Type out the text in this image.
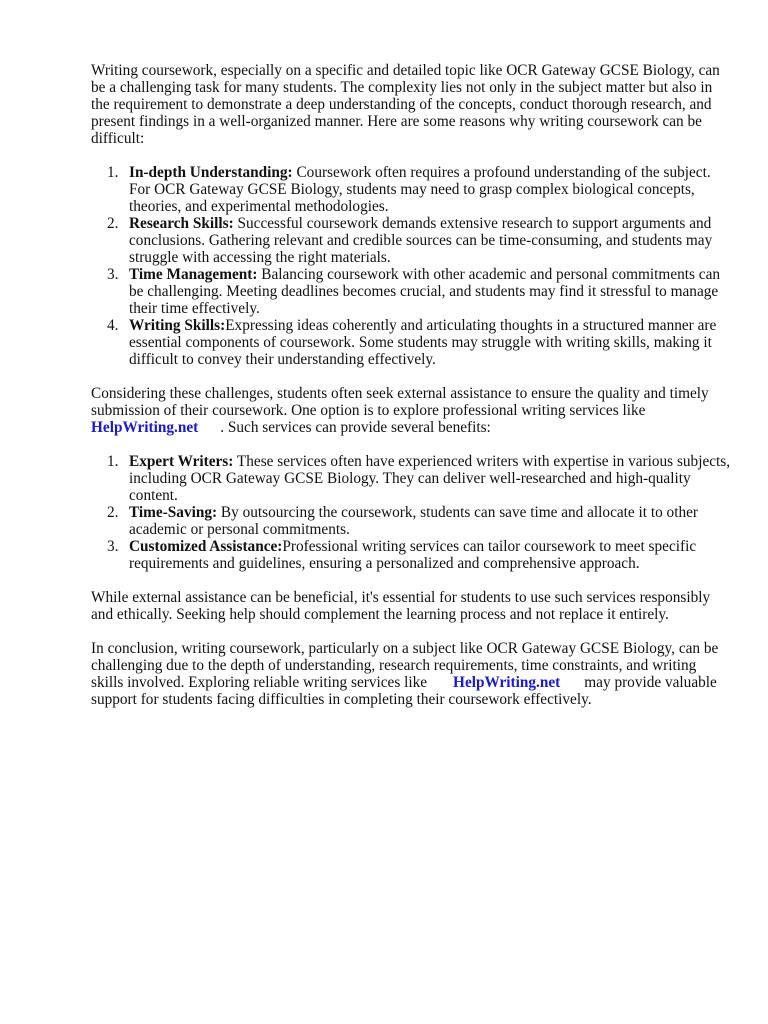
Writing coursework, especially on a specific and detailed topic like OCR Gateway GCSE Biology, can be a challenging task for many students. The complexity lies not only in the subject matter but also in the requirement to demonstrate a deep understanding of the concepts, conduct thorough research, and present findings in a well-organized manner. Here are some reasons why writing coursework can be difficult:

1. In-depth Understanding: Coursework often requires a profound understanding of the subject. For OCR Gateway GCSE Biology, students may need to grasp complex biological concepts, theories, and experimental methodologies.
2. Research Skills: Successful coursework demands extensive research to support arguments and conclusions. Gathering relevant and credible sources can be time-consuming, and students may struggle with accessing the right materials.
3. Time Management: Balancing coursework with other academic and personal commitments can be challenging. Meeting deadlines becomes crucial, and students may find it stressful to manage their time effectively.
4. Writing Skills:Expressing ideas coherently and articulating thoughts in a structured manner are essential components of coursework. Some students may struggle with writing skills, making it difficult to convey their understanding effectively.

Considering these challenges, students often seek external assistance to ensure the quality and timely submission of their coursework. One option is to explore professional writing services like HelpWriting.net . Such services can provide several benefits:

1. Expert Writers: These services often have experienced writers with expertise in various subjects, including OCR Gateway GCSE Biology. They can deliver well-researched and high-quality content.
2. Time-Saving: By outsourcing the coursework, students can save time and allocate it to other academic or personal commitments.
3. Customized Assistance:Professional writing services can tailor coursework to meet specific requirements and guidelines, ensuring a personalized and comprehensive approach.

While external assistance can be beneficial, it's essential for students to use such services responsibly and ethically. Seeking help should complement the learning process and not replace it entirely.

In conclusion, writing coursework, particularly on a subject like OCR Gateway GCSE Biology, can be challenging due to the depth of understanding, research requirements, time constraints, and writing skills involved. Exploring reliable writing services like HelpWriting.net may provide valuable support for students facing difficulties in completing their coursework effectively.
